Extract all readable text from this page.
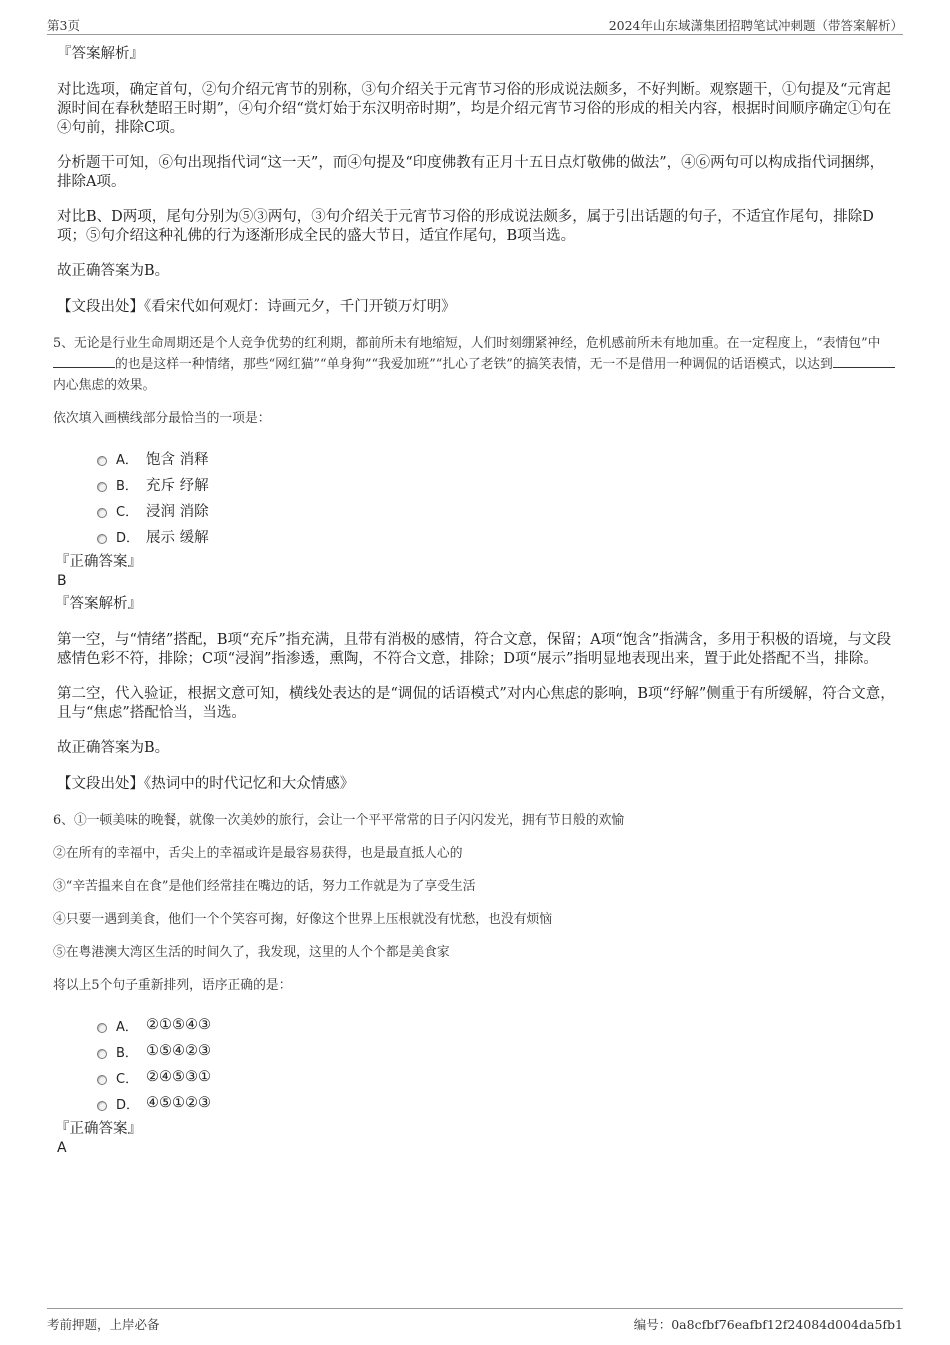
第3页	2024年山东域潇集团招聘笔试冲刺题（带答案解析）
『答案解析』
对比选项，确定首句，②句介绍元宵节的别称，③句介绍关于元宵节习俗的形成说法颇多，不好判断。观察题干，①句提及“元宵起源时间在春秋楚昭王时期”，④句介绍“赏灯始于东汉明帝时期”，均是介绍元宵节习俗的形成的相关内容，根据时间顺序确定①句在④句前，排除C项。
分析题干可知，⑥句出现指代词“这一天”，而④句提及“印度佛教有正月十五日点灯敬佛的做法”，④⑥两句可以构成指代词捆绑，排除A项。
对比B、D两项，尾句分别为⑤③两句，③句介绍关于元宵节习俗的形成说法颇多，属于引出话题的句子，不适宜作尾句，排除D项；⑤句介绍这种礼佛的行为逐渐形成全民的盛大节日，适宜作尾句，B项当选。
故正确答案为B。
【文段出处】《看宋代如何观灯：诗画元夕，千门开锁万灯明》
5、无论是行业生命周期还是个人竞争优势的红利期，都前所未有地缩短，人们时刻绷紧神经，危机感前所未有地加重。在一定程度上，“表情包”中的也是这样一种情绪，那些“网红猫”“单身狗”“我爱加班”“扎心了老铁”的搞笑表情，无一不是借用一种调侃的话语模式，以达到内心焦虑的效果。
依次填入画横线部分最恰当的一项是：
A． 饱含 消释
B． 充斥 纾解
C． 浸润 消除
D． 展示 缓解
『正确答案』
B
『答案解析』
第一空，与“情绪”搭配，B项“充斥”指充满，且带有消极的感情，符合文意，保留；A项“饱含”指满含，多用于积极的语境，与文段感情色彩不符，排除；C项“浸润”指渗透，熏陶，不符合文意，排除；D项“展示”指明显地表现出来，置于此处搭配不当，排除。
第二空，代入验证，根据文意可知，横线处表达的是“调侃的话语模式”对内心焦虑的影响，B项“纾解”侧重于有所缓解，符合文意，且与“焦虑”搭配恰当，当选。
故正确答案为B。
【文段出处】《热词中的时代记忆和大众情感》
6、①一顿美味的晚餐，就像一次美妙的旅行，会让一个平平常常的日子闪闪发光，拥有节日般的欢愉
②在所有的幸福中，舌尖上的幸福或许是最容易获得，也是最直抵人心的
③“辛苦揾来自在食”是他们经常挂在嘴边的话，努力工作就是为了享受生活
④只要一遇到美食，他们一个个笑容可掬，好像这个世界上压根就没有忧愁，也没有烦恼
⑤在粤港澳大湾区生活的时间久了，我发现，这里的人个个都是美食家
将以上5个句子重新排列，语序正确的是：
A． ②①⑤④③
B． ①⑤④②③
C． ②④⑤③①
D． ④⑤①②③
『正确答案』
A
考前押题，上岸必备	编号：0a8cfbf76eafbf12f24084d004da5fb1
